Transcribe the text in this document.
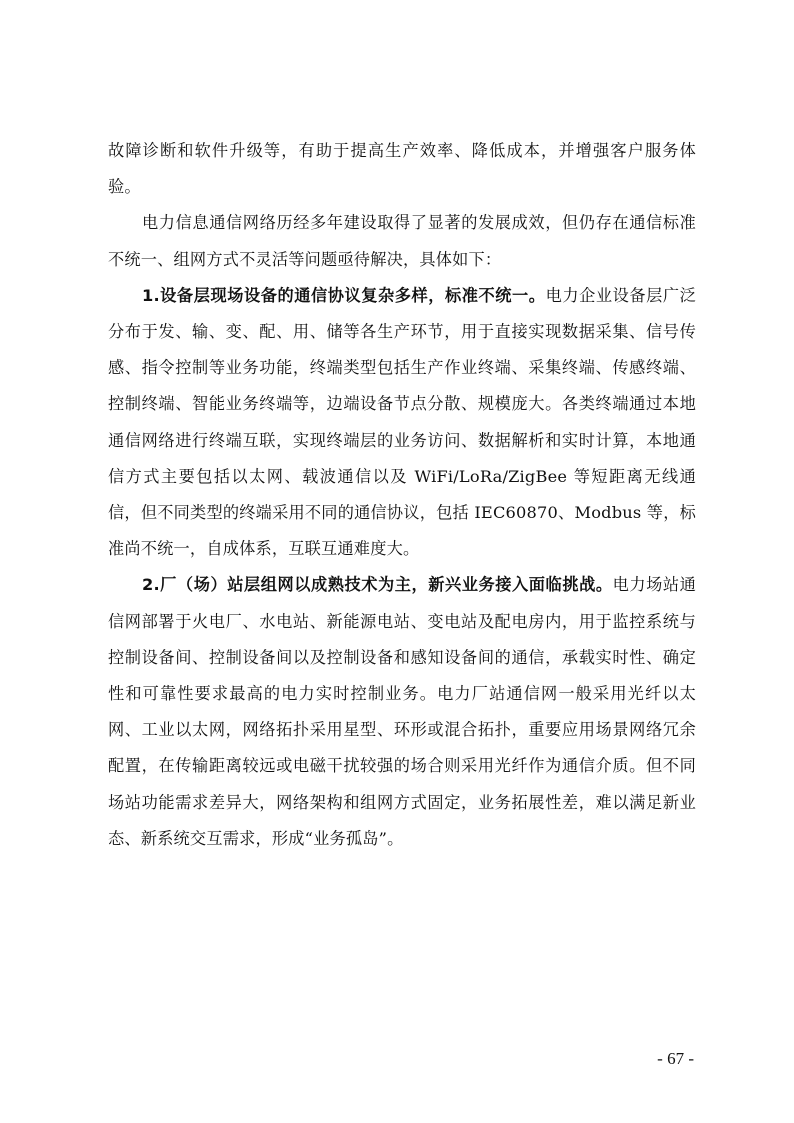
故障诊断和软件升级等，有助于提高生产效率、降低成本，并增强客户服务体验。

电力信息通信网络历经多年建设取得了显著的发展成效，但仍存在通信标准不统一、组网方式不灵活等问题亟待解决，具体如下：

1.设备层现场设备的通信协议复杂多样，标准不统一。电力企业设备层广泛分布于发、输、变、配、用、储等各生产环节，用于直接实现数据采集、信号传感、指令控制等业务功能，终端类型包括生产作业终端、采集终端、传感终端、控制终端、智能业务终端等，边端设备节点分散、规模庞大。各类终端通过本地通信网络进行终端互联，实现终端层的业务访问、数据解析和实时计算，本地通信方式主要包括以太网、载波通信以及 WiFi/LoRa/ZigBee 等短距离无线通信，但不同类型的终端采用不同的通信协议，包括 IEC60870、Modbus 等，标准尚不统一，自成体系，互联互通难度大。

2.厂（场）站层组网以成熟技术为主，新兴业务接入面临挑战。电力场站通信网部署于火电厂、水电站、新能源电站、变电站及配电房内，用于监控系统与控制设备间、控制设备间以及控制设备和感知设备间的通信，承载实时性、确定性和可靠性要求最高的电力实时控制业务。电力厂站通信网一般采用光纤以太网、工业以太网，网络拓扑采用星型、环形或混合拓扑，重要应用场景网络冗余配置，在传输距离较远或电磁干扰较强的场合则采用光纤作为通信介质。但不同场站功能需求差异大，网络架构和组网方式固定，业务拓展性差，难以满足新业态、新系统交互需求，形成“业务孤岛”。

- 67 -
